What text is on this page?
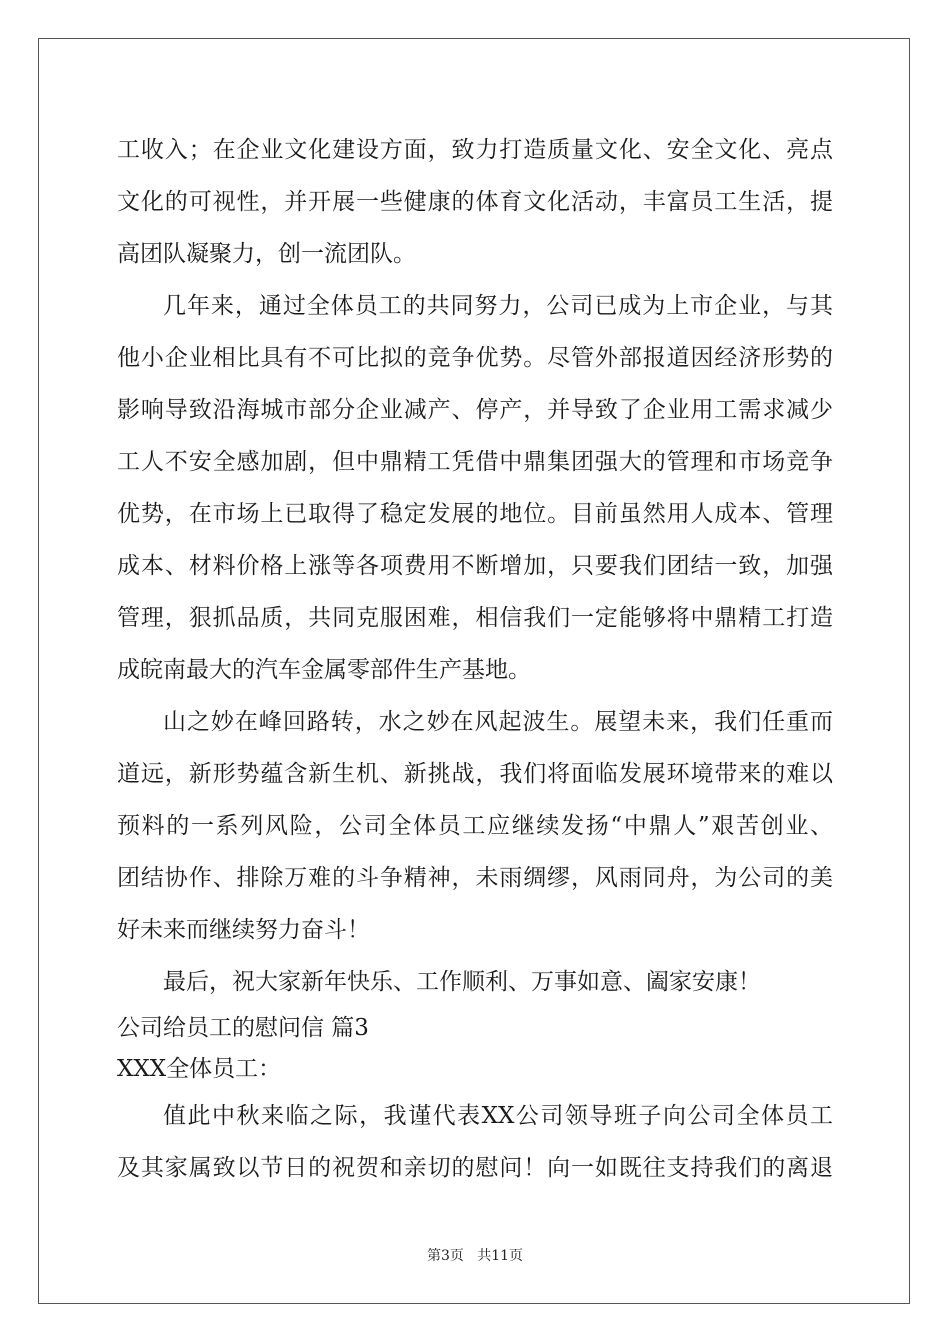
工收入；在企业文化建设方面，致力打造质量文化、安全文化、亮点
文化的可视性，并开展一些健康的体育文化活动，丰富员工生活，提
高团队凝聚力，创一流团队。
几年来，通过全体员工的共同努力，公司已成为上市企业，与其
他小企业相比具有不可比拟的竞争优势。尽管外部报道因经济形势的
影响导致沿海城市部分企业减产、停产，并导致了企业用工需求减少
工人不安全感加剧，但中鼎精工凭借中鼎集团强大的管理和市场竞争
优势，在市场上已取得了稳定发展的地位。目前虽然用人成本、管理
成本、材料价格上涨等各项费用不断增加，只要我们团结一致，加强
管理，狠抓品质，共同克服困难，相信我们一定能够将中鼎精工打造
成皖南最大的汽车金属零部件生产基地。
山之妙在峰回路转，水之妙在风起波生。展望未来，我们任重而
道远，新形势蕴含新生机、新挑战，我们将面临发展环境带来的难以
预料的一系列风险，公司全体员工应继续发扬“中鼎人”艰苦创业、
团结协作、排除万难的斗争精神，未雨绸缪，风雨同舟，为公司的美
好未来而继续努力奋斗！
最后，祝大家新年快乐、工作顺利、万事如意、阖家安康！
公司给员工的慰问信 篇3
XXX全体员工：
值此中秋来临之际，我谨代表XX公司领导班子向公司全体员工
及其家属致以节日的祝贺和亲切的慰问！向一如既往支持我们的离退
第3页   共11页
